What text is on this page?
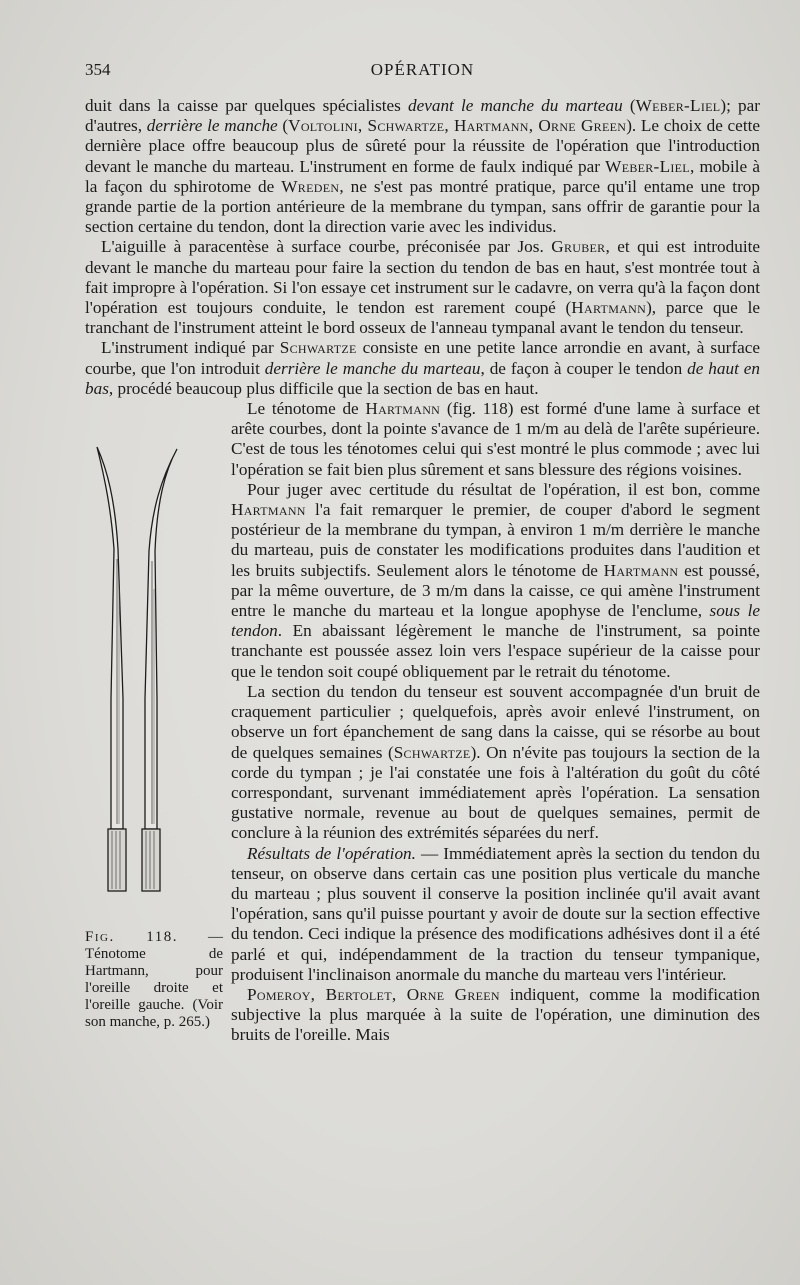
354	OPÉRATION

duit dans la caisse par quelques spécialistes devant le manche du marteau (Weber-Liel); par d'autres, derrière le manche (Voltolini, Schwartze, Hartmann, Orne Green). Le choix de cette dernière place offre beaucoup plus de sûreté pour la réussite de l'opération que l'introduction devant le manche du marteau. L'instrument en forme de faulx indiqué par Weber-Liel, mobile à la façon du sphirotome de Wreden, ne s'est pas montré pratique, parce qu'il entame une trop grande partie de la portion antérieure de la membrane du tympan, sans offrir de garantie pour la section certaine du tendon, dont la direction varie avec les individus.

L'aiguille à paracentèse à surface courbe, préconisée par Jos. Gruber, et qui est introduite devant le manche du marteau pour faire la section du tendon de bas en haut, s'est montrée tout à fait impropre à l'opération. Si l'on essaye cet instrument sur le cadavre, on verra qu'à la façon dont l'opération est toujours conduite, le tendon est rarement coupé (Hartmann), parce que le tranchant de l'instrument atteint le bord osseux de l'anneau tympanal avant le tendon du tenseur.

L'instrument indiqué par Schwartze consiste en une petite lance arrondie en avant, à surface courbe, que l'on introduit derrière le manche du marteau, de façon à couper le tendon de haut en bas, procédé beaucoup plus difficile que la section de bas en haut.

Fig. 118. — Ténotome de Hartmann, pour l'oreille droite et l'oreille gauche. (Voir son manche, p. 265.)

Le ténotome de Hartmann (fig. 118) est formé d'une lame à surface et arête courbes, dont la pointe s'avance de 1 m/m au delà de l'arête supérieure. C'est de tous les ténotomes celui qui s'est montré le plus commode ; avec lui l'opération se fait bien plus sûrement et sans blessure des régions voisines.

Pour juger avec certitude du résultat de l'opération, il est bon, comme Hartmann l'a fait remarquer le premier, de couper d'abord le segment postérieur de la membrane du tympan, à environ 1 m/m derrière le manche du marteau, puis de constater les modifications produites dans l'audition et les bruits subjectifs. Seulement alors le ténotome de Hartmann est poussé, par la même ouverture, de 3 m/m dans la caisse, ce qui amène l'instrument entre le manche du marteau et la longue apophyse de l'enclume, sous le tendon. En abaissant légèrement le manche de l'instrument, sa pointe tranchante est poussée assez loin vers l'espace supérieur de la caisse pour que le tendon soit coupé obliquement par le retrait du ténotome.

La section du tendon du tenseur est souvent accompagnée d'un bruit de craquement particulier ; quelquefois, après avoir enlevé l'instrument, on observe un fort épanchement de sang dans la caisse, qui se résorbe au bout de quelques semaines (Schwartze). On n'évite pas toujours la section de la corde du tympan ; je l'ai constatée une fois à l'altération du goût du côté correspondant, survenant immédiatement après l'opération. La sensation gustative normale, revenue au bout de quelques semaines, permit de conclure à la réunion des extrémités séparées du nerf.

Résultats de l'opération. — Immédiatement après la section du tendon du tenseur, on observe dans certain cas une position plus verticale du manche du marteau ; plus souvent il conserve la position inclinée qu'il avait avant l'opération, sans qu'il puisse pourtant y avoir de doute sur la section effective du tendon. Ceci indique la présence des modifications adhésives dont il a été parlé et qui, indépendamment de la traction du tenseur tympanique, produisent l'inclinaison anormale du manche du marteau vers l'intérieur.

Pomeroy, Bertolet, Orne Green indiquent, comme la modification subjective la plus marquée à la suite de l'opération, une diminution des bruits de l'oreille. Mais
